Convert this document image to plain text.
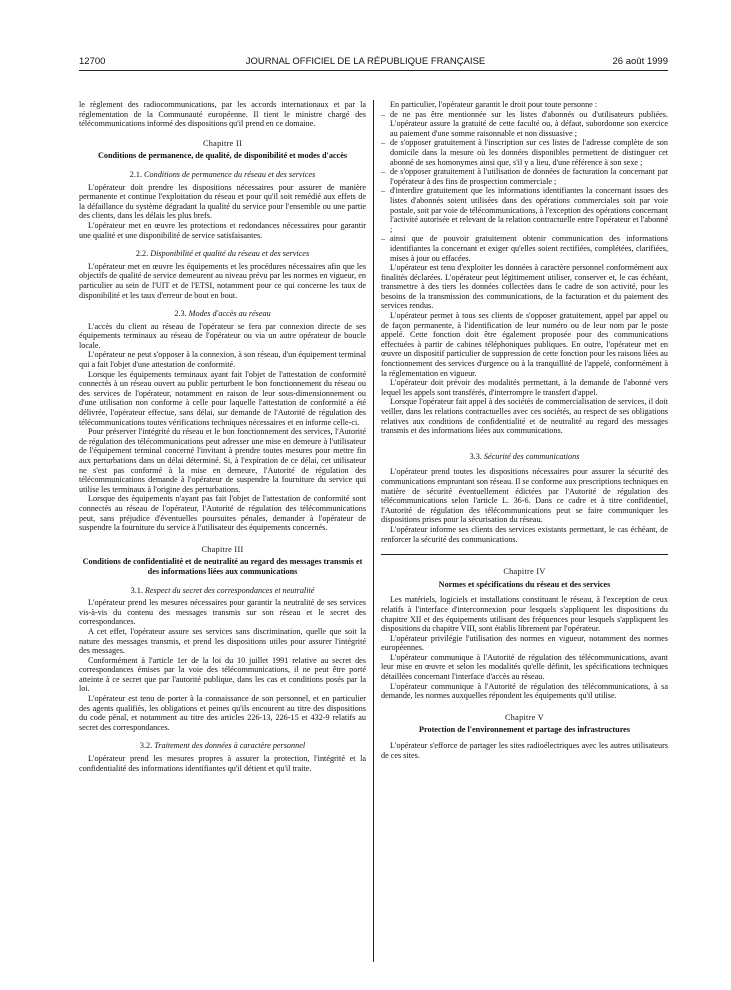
12700	JOURNAL OFFICIEL DE LA RÉPUBLIQUE FRANÇAISE	26 août 1999

le règlement des radiocommunications, par les accords internationaux et par la réglementation de la Communauté européenne. Il tient le ministre chargé des télécommunications informé des dispositions qu'il prend en ce domaine.

Chapitre II
Conditions de permanence, de qualité, de disponibilité et modes d'accès
2.1. Conditions de permanence du réseau et des services

L'opérateur doit prendre les dispositions nécessaires pour assurer de manière permanente et continue l'exploitation du réseau et pour qu'il soit remédié aux effets de la défaillance du système dégradant la qualité du service pour l'ensemble ou une partie des clients, dans les délais les plus brefs.

L'opérateur met en œuvre les protections et redondances nécessaires pour garantir une qualité et une disponibilité de service satisfaisantes.

2.2. Disponibilité et qualité du réseau et des services

L'opérateur met en œuvre les équipements et les procédures nécessaires afin que les objectifs de qualité de service demeurent au niveau prévu par les normes en vigueur, en particulier au sein de l'UIT et de l'ETSI, notamment pour ce qui concerne les taux de disponibilité et les taux d'erreur de bout en bout.

2.3. Modes d'accès au réseau

L'accès du client au réseau de l'opérateur se fera par connexion directe de ses équipements terminaux au réseau de l'opérateur ou via un autre opérateur de boucle locale.

L'opérateur ne peut s'opposer à la connexion, à son réseau, d'un équipement terminal qui a fait l'objet d'une attestation de conformité.

Lorsque les équipements terminaux ayant fait l'objet de l'attestation de conformité connectés à un réseau ouvert au public perturbent le bon fonctionnement du réseau ou des services de l'opérateur, notamment en raison de leur sous-dimensionnement ou d'une utilisation non conforme à celle pour laquelle l'attestation de conformité a été délivrée, l'opérateur effectue, sans délai, sur demande de l'Autorité de régulation des télécommunications toutes vérifications techniques nécessaires et en informe celle-ci.

Pour préserver l'intégrité du réseau et le bon fonctionnement des services, l'Autorité de régulation des télécommunications peut adresser une mise en demeure à l'utilisateur de l'équipement terminal concerné l'invitant à prendre toutes mesures pour mettre fin aux perturbations dans un délai déterminé. Si, à l'expiration de ce délai, cet utilisateur ne s'est pas conformé à la mise en demeure, l'Autorité de régulation des télécommunications demande à l'opérateur de suspendre la fourniture du service qui utilise les terminaux à l'origine des perturbations.

Lorsque des équipements n'ayant pas fait l'objet de l'attestation de conformité sont connectés au réseau de l'opérateur, l'Autorité de régulation des télécommunications peut, sans préjudice d'éventuelles poursuites pénales, demander à l'opérateur de suspendre la fourniture du service à l'utilisateur des équipements concernés.

Chapitre III
Conditions de confidentialité et de neutralité au regard des messages transmis et des informations liées aux communications
3.1. Respect du secret des correspondances et neutralité

L'opérateur prend les mesures nécessaires pour garantir la neutralité de ses services vis-à-vis du contenu des messages transmis sur son réseau et le secret des correspondances.

A cet effet, l'opérateur assure ses services sans discrimination, quelle que soit la nature des messages transmis, et prend les dispositions utiles pour assurer l'intégrité des messages.

Conformément à l'article 1er de la loi du 10 juillet 1991 relative au secret des correspondances émises par la voie des télécommunications, il ne peut être porté atteinte à ce secret que par l'autorité publique, dans les cas et conditions posés par la loi.

L'opérateur est tenu de porter à la connaissance de son personnel, et en particulier des agents qualifiés, les obligations et peines qu'ils encourent au titre des dispositions du code pénal, et notamment au titre des articles 226-13, 226-15 et 432-9 relatifs au secret des correspondances.

3.2. Traitement des données à caractère personnel

L'opérateur prend les mesures propres à assurer la protection, l'intégrité et la confidentialité des informations identifiantes qu'il détient et qu'il traite.

En particulier, l'opérateur garantit le droit pour toute personne :

– de ne pas être mentionnée sur les listes d'abonnés ou d'utilisateurs publiées. L'opérateur assure la gratuité de cette faculté ou, à défaut, subordonne son exercice au paiement d'une somme raisonnable et non dissuasive ;
– de s'opposer gratuitement à l'inscription sur ces listes de l'adresse complète de son domicile dans la mesure où les données disponibles permettent de distinguer cet abonné de ses homonymes ainsi que, s'il y a lieu, d'une référence à son sexe ;
– de s'opposer gratuitement à l'utilisation de données de facturation la concernant par l'opérateur à des fins de prospection commerciale ;
– d'interdire gratuitement que les informations identifiantes la concernant issues des listes d'abonnés soient utilisées dans des opérations commerciales soit par voie postale, soit par voie de télécommunications, à l'exception des opérations concernant l'activité autorisée et relevant de la relation contractuelle entre l'opérateur et l'abonné ;
– ainsi que de pouvoir gratuitement obtenir communication des informations identifiantes la concernant et exiger qu'elles soient rectifiées, complétées, clarifiées, mises à jour ou effacées.

L'opérateur est tenu d'exploiter les données à caractère personnel conformément aux finalités déclarées. L'opérateur peut légitimement utiliser, conserver et, le cas échéant, transmettre à des tiers les données collectées dans le cadre de son activité, pour les besoins de la transmission des communications, de la facturation et du paiement des services rendus.

L'opérateur permet à tous ses clients de s'opposer gratuitement, appel par appel ou de façon permanente, à l'identification de leur numéro ou de leur nom par le poste appelé. Cette fonction doit être également proposée pour des communications effectuées à partir de cabines téléphoniques publiques. En outre, l'opérateur met en œuvre un dispositif particulier de suppression de cette fonction pour les raisons liées au fonctionnement des services d'urgence ou à la tranquillité de l'appelé, conformément à la réglementation en vigueur.

L'opérateur doit prévoir des modalités permettant, à la demande de l'abonné vers lequel les appels sont transférés, d'interrompre le transfert d'appel.

Lorsque l'opérateur fait appel à des sociétés de commercialisation de services, il doit veiller, dans les relations contractuelles avec ces sociétés, au respect de ses obligations relatives aux conditions de confidentialité et de neutralité au regard des messages transmis et des informations liées aux communications.

3.3. Sécurité des communications

L'opérateur prend toutes les dispositions nécessaires pour assurer la sécurité des communications empruntant son réseau. Il se conforme aux prescriptions techniques en matière de sécurité éventuellement édictées par l'Autorité de régulation des télécommunications selon l'article L. 36-6. Dans ce cadre et à titre confidentiel, l'Autorité de régulation des télécommunications peut se faire communiquer les dispositions prises pour la sécurisation du réseau.

L'opérateur informe ses clients des services existants permettant, le cas échéant, de renforcer la sécurité des communications.

Chapitre IV
Normes et spécifications du réseau et des services

Les matériels, logiciels et installations constituant le réseau, à l'exception de ceux relatifs à l'interface d'interconnexion pour lesquels s'appliquent les dispositions du chapitre XII et des équipements utilisant des fréquences pour lesquels s'appliquent les dispositions du chapitre VIII, sont établis librement par l'opérateur.

L'opérateur privilégie l'utilisation des normes en vigueur, notamment des normes européennes.

L'opérateur communique à l'Autorité de régulation des télécommunications, avant leur mise en œuvre et selon les modalités qu'elle définit, les spécifications techniques détaillées concernant l'interface d'accès au réseau.

L'opérateur communique à l'Autorité de régulation des télécommunications, à sa demande, les normes auxquelles répondent les équipements qu'il utilise.

Chapitre V
Protection de l'environnement et partage des infrastructures

L'opérateur s'efforce de partager les sites radioélectriques avec les autres utilisateurs de ces sites.
